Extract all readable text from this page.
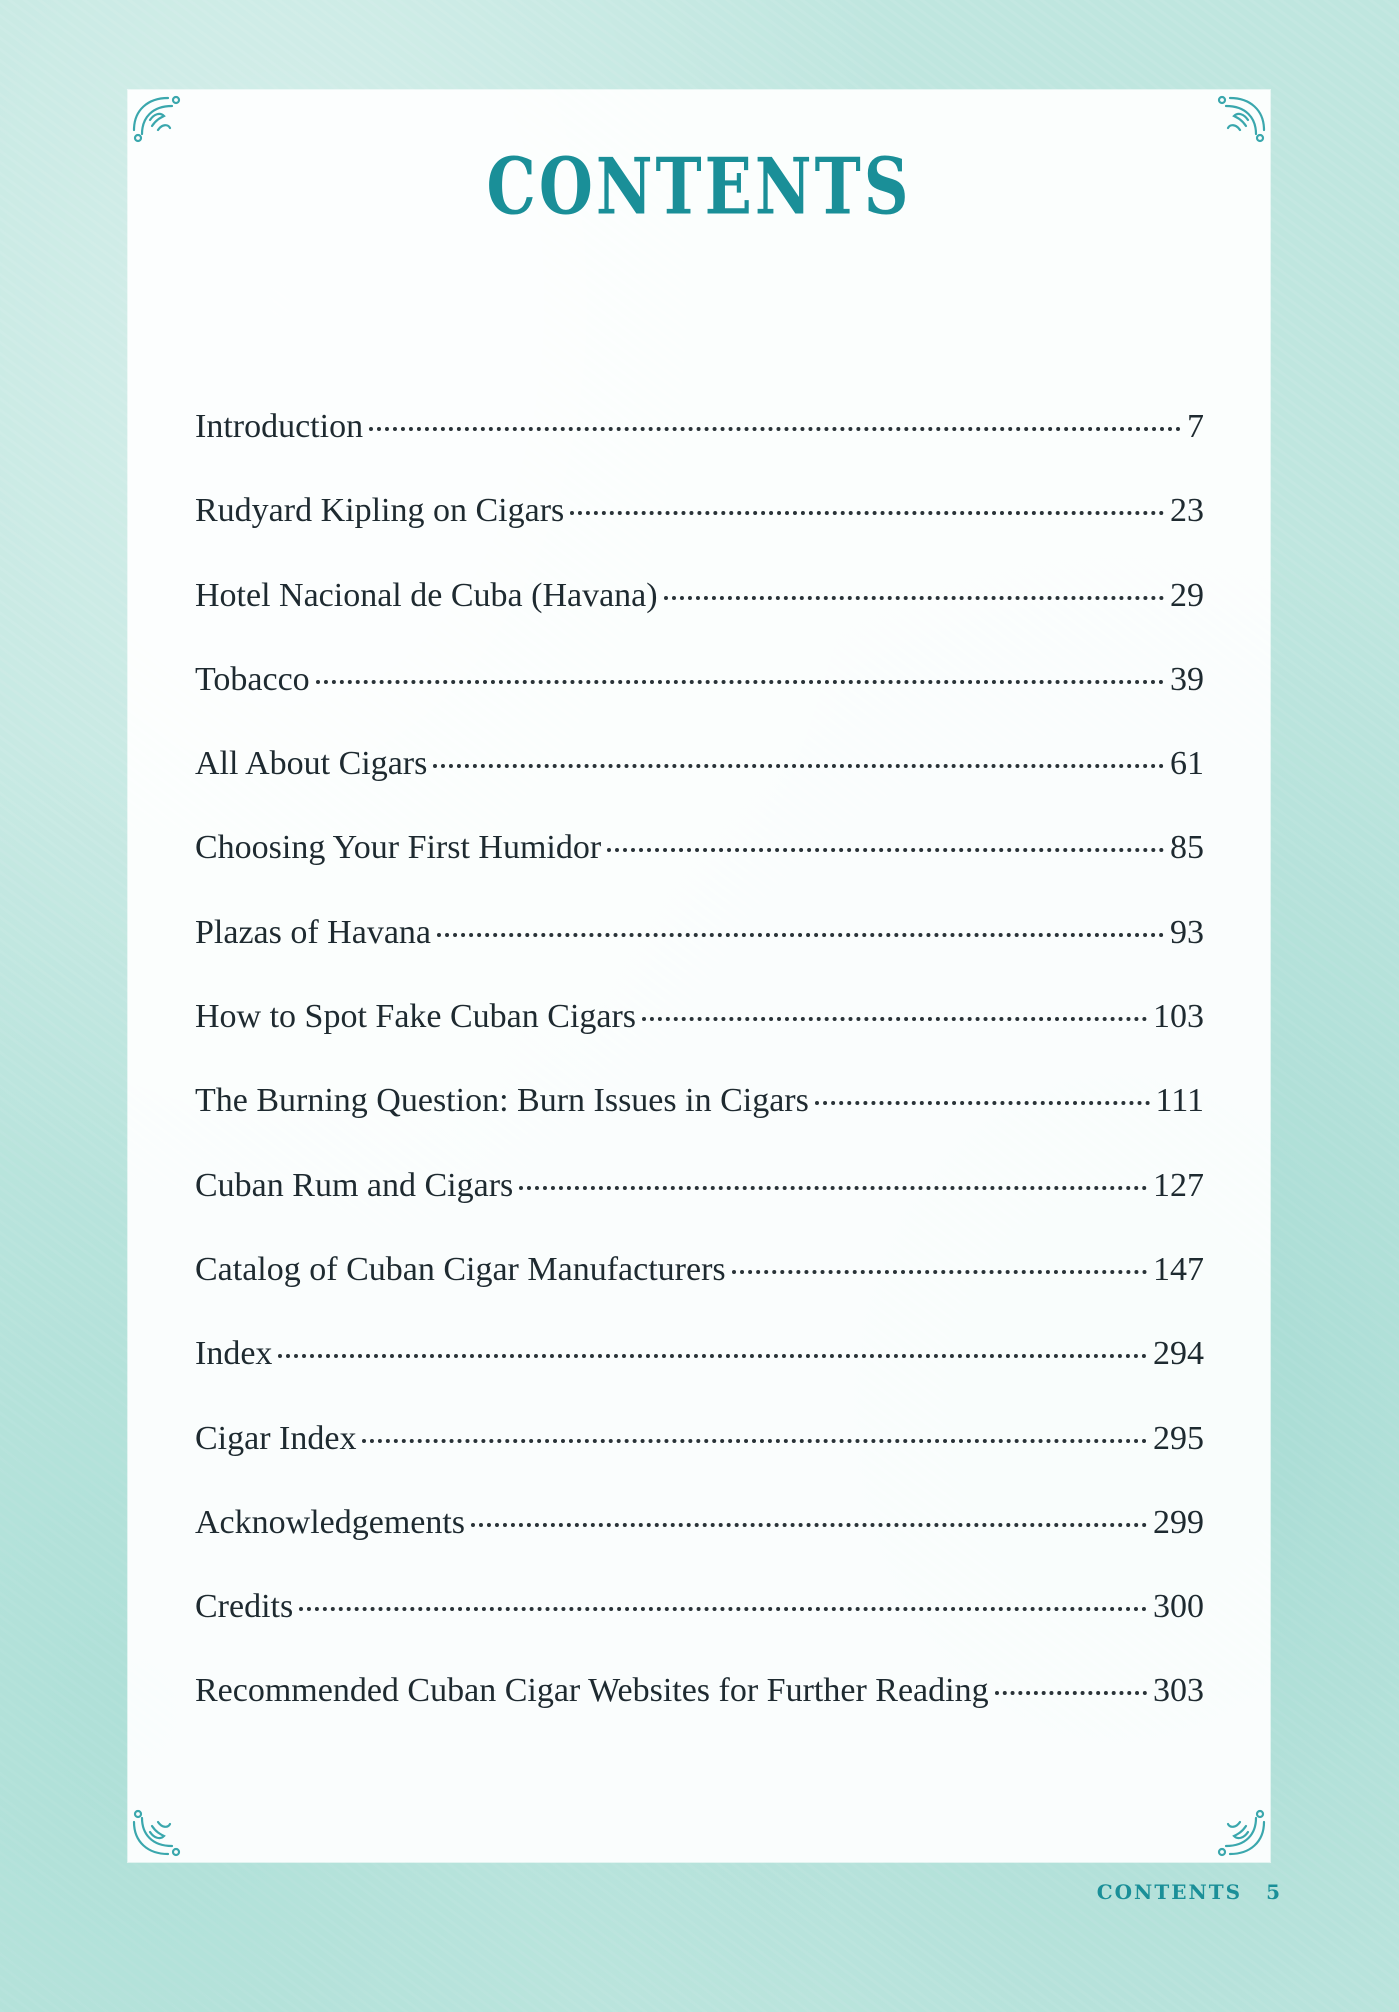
CONTENTS
Introduction	7
Rudyard Kipling on Cigars	23
Hotel Nacional de Cuba (Havana)	29
Tobacco	39
All About Cigars	61
Choosing Your First Humidor	85
Plazas of Havana	93
How to Spot Fake Cuban Cigars	103
The Burning Question: Burn Issues in Cigars	111
Cuban Rum and Cigars	127
Catalog of Cuban Cigar Manufacturers	147
Index	294
Cigar Index	295
Acknowledgements	299
Credits	300
Recommended Cuban Cigar Websites for Further Reading	303
CONTENTS 5
